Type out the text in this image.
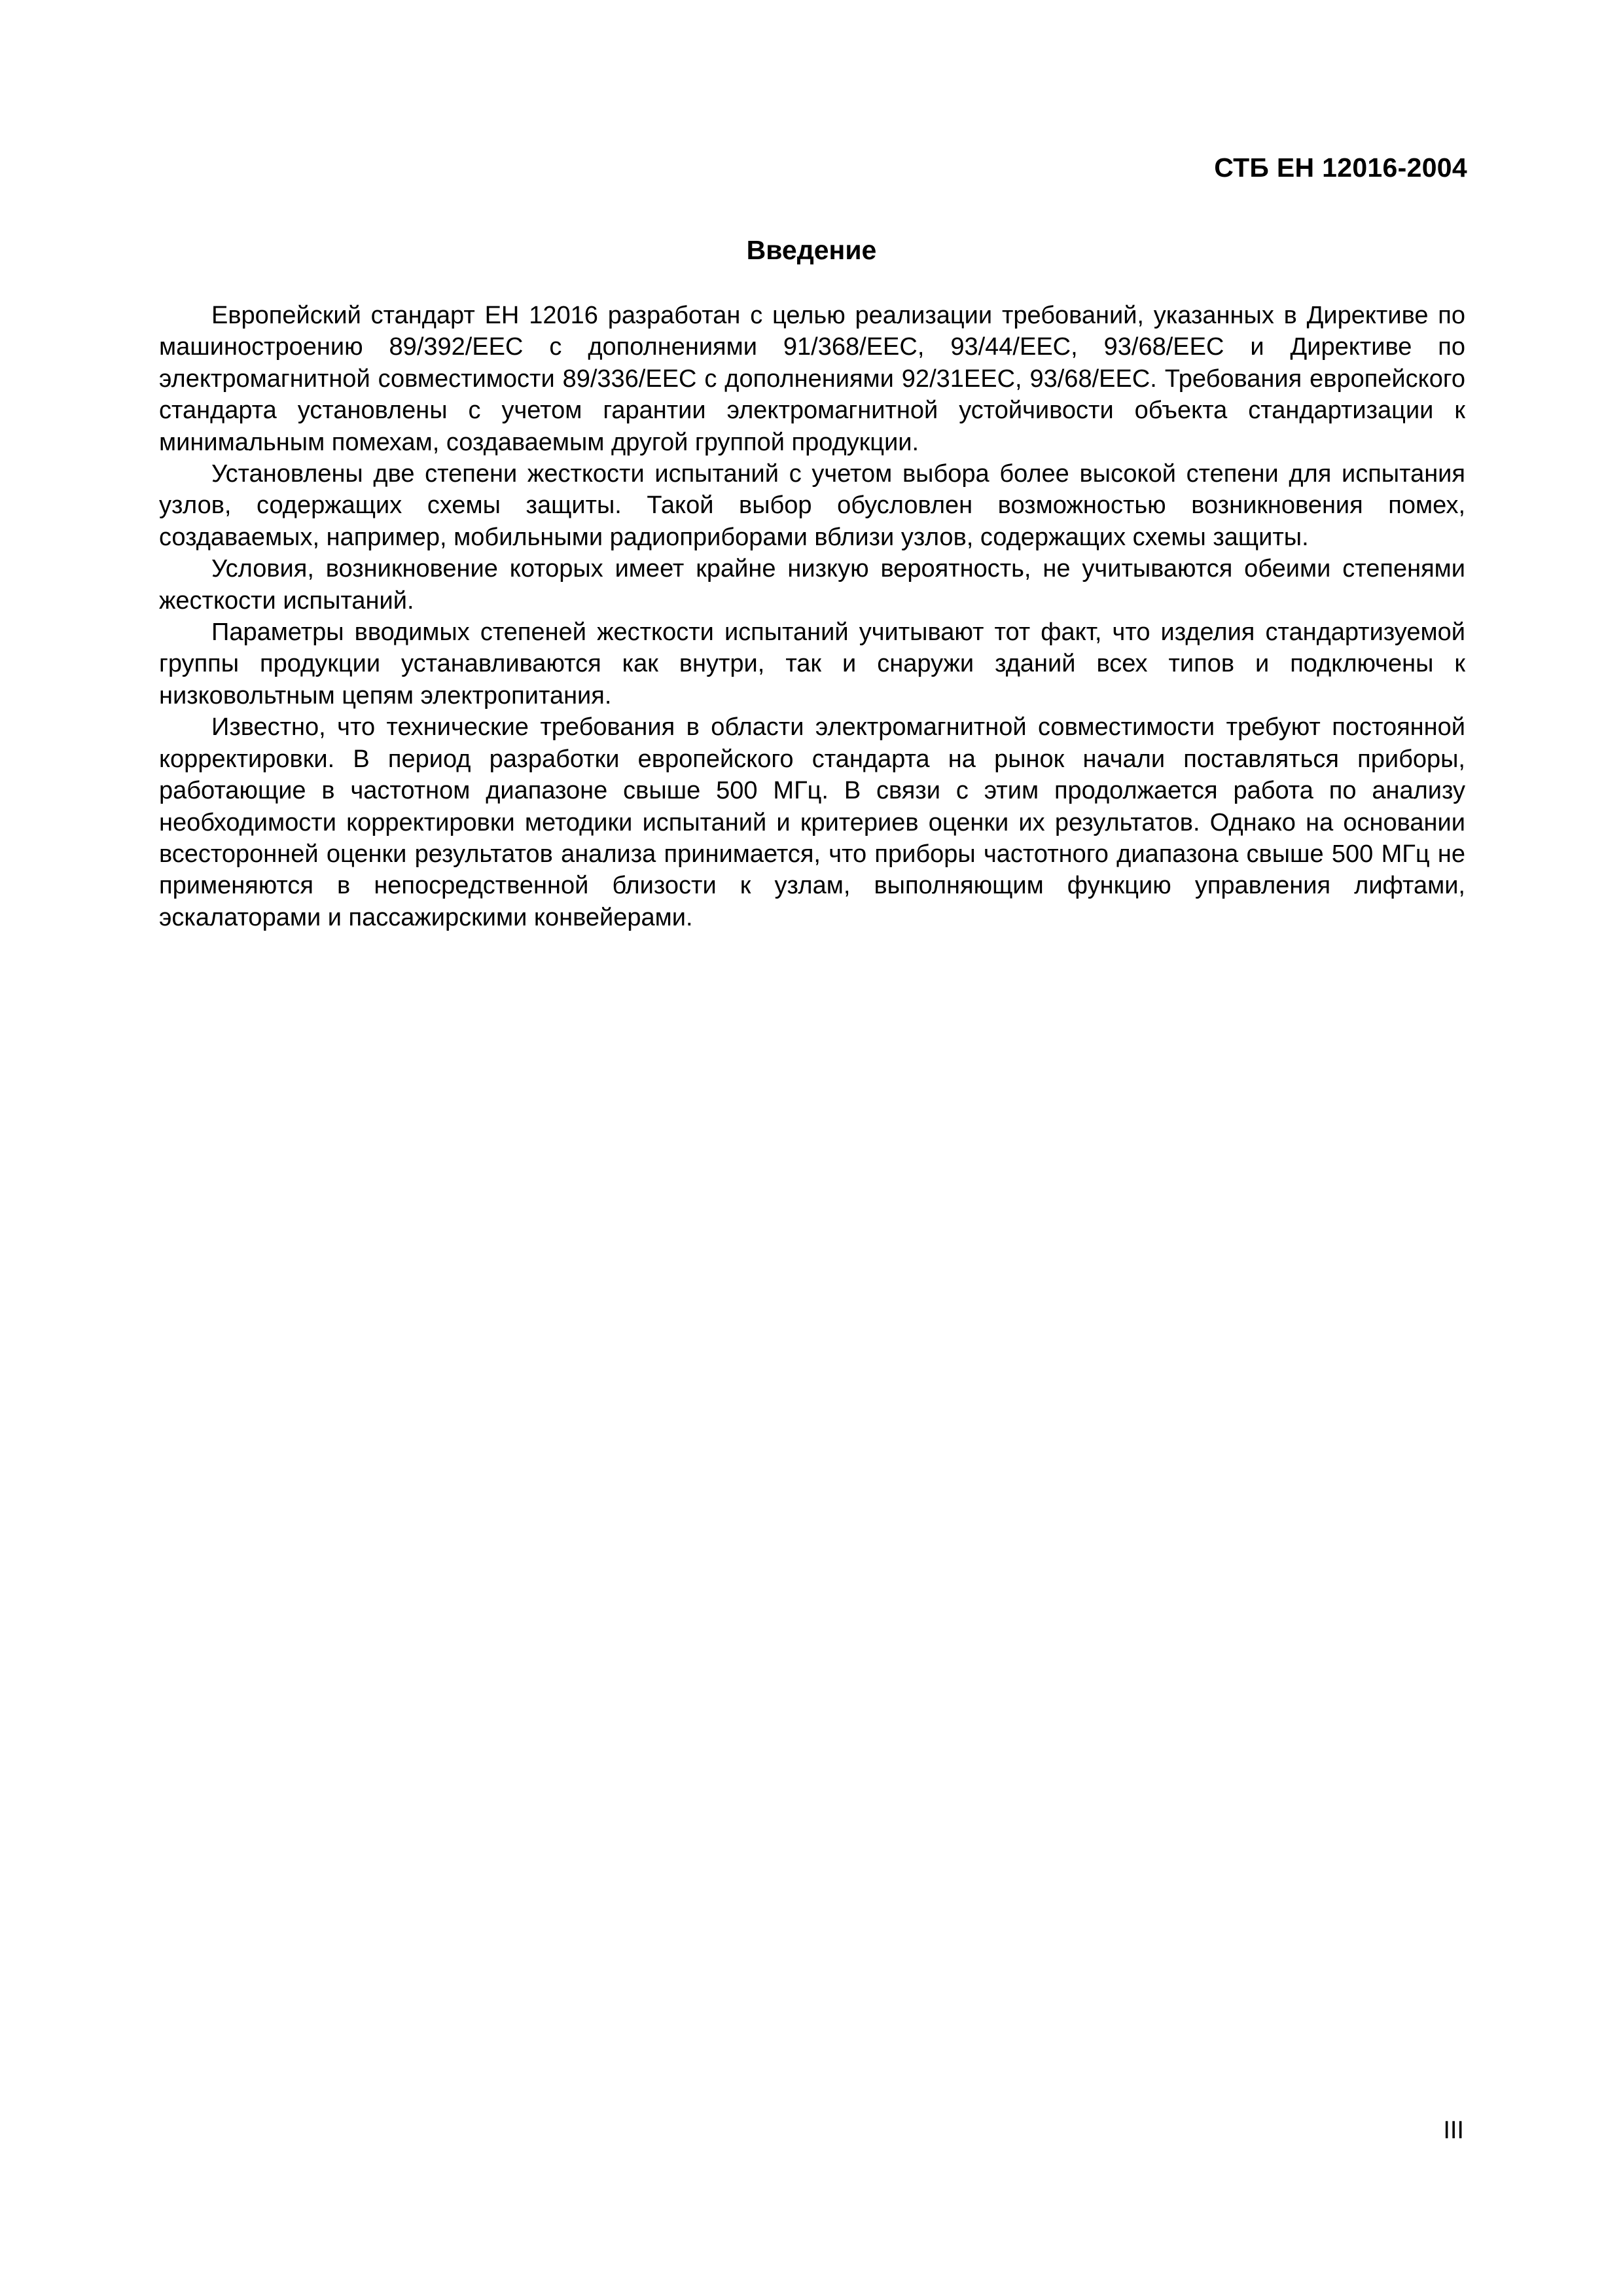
СТБ ЕН 12016-2004
Введение

Европейский стандарт ЕН 12016 разработан с целью реализации требований, указанных в Директиве по машиностроению 89/392/ЕЕС с дополнениями 91/368/ЕЕС, 93/44/ЕЕС, 93/68/ЕЕС и Директиве по электромагнитной совместимости 89/336/ЕЕС с дополнениями 92/31ЕЕС, 93/68/ЕЕС. Требования европейского стандарта установлены с учетом гарантии электромагнитной устойчивости объекта стандартизации к минимальным помехам, создаваемым другой группой продукции.

Установлены две степени жесткости испытаний с учетом выбора более высокой степени для испытания узлов, содержащих схемы защиты. Такой выбор обусловлен возможностью возникновения помех, создаваемых, например, мобильными радиоприборами вблизи узлов, содержащих схемы защиты.

Условия, возникновение которых имеет крайне низкую вероятность, не учитываются обеими степенями жесткости испытаний.

Параметры вводимых степеней жесткости испытаний учитывают тот факт, что изделия стандартизуемой группы продукции устанавливаются как внутри, так и снаружи зданий всех типов и подключены к низковольтным цепям электропитания.

Известно, что технические требования в области электромагнитной совместимости требуют постоянной корректировки. В период разработки европейского стандарта на рынок начали поставляться приборы, работающие в частотном диапазоне свыше 500 МГц. В связи с этим продолжается работа по анализу необходимости корректировки методики испытаний и критериев оценки их результатов. Однако на основании всесторонней оценки результатов анализа принимается, что приборы частотного диапазона свыше 500 МГц не применяются в непосредственной близости к узлам, выполняющим функцию управления лифтами, эскалаторами и пассажирскими конвейерами.

III
